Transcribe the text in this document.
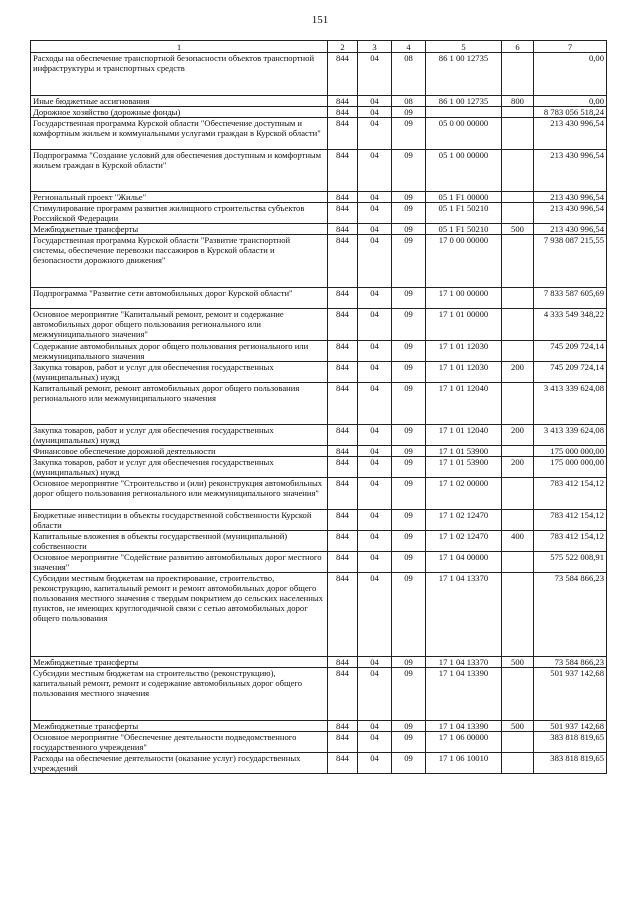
151
1	2	3	4	5	6	7
Расходы на обеспечение транспортной безопасности объектов транспортной инфраструктуры и транспортных средств	844	04	08	86 1 00 12735		0,00
Иные бюджетные ассигнования	844	04	08	86 1 00 12735	800	0,00
Дорожное хозяйство (дорожные фонды)	844	04	09			8 783 056 518,24
Государственная программа Курской области "Обеспечение доступным и комфортным жильем и коммунальными услугами граждан в Курской области"	844	04	09	05 0 00 00000		213 430 996,54
Подпрограмма "Создание условий для обеспечения доступным и комфортным жильем граждан в Курской области"	844	04	09	05 1 00 00000		213 430 996,54
Региональный проект "Жилье"	844	04	09	05 1 F1 00000		213 430 996,54
Стимулирование программ развития жилищного строительства субъектов Российской Федерации	844	04	09	05 1 F1 50210		213 430 996,54
Межбюджетные трансферты	844	04	09	05 1 F1 50210	500	213 430 996,54
Государственная программа Курской области "Развитие транспортной системы, обеспечение перевозки пассажиров в Курской области и безопасности дорожного движения"	844	04	09	17 0 00 00000		7 938 087 215,55
Подпрограмма "Развитие сети автомобильных дорог Курской области"	844	04	09	17 1 00 00000		7 833 587 605,69
Основное мероприятие "Капитальный ремонт, ремонт и содержание автомобильных дорог общего пользования регионального или межмуниципального значения"	844	04	09	17 1 01 00000		4 333 549 348,22
Содержание автомобильных дорог общего пользования регионального или межмуниципального значения	844	04	09	17 1 01 12030		745 209 724,14
Закупка товаров, работ и услуг для обеспечения государственных (муниципальных) нужд	844	04	09	17 1 01 12030	200	745 209 724,14
Капитальный ремонт, ремонт автомобильных дорог общего пользования регионального или межмуниципального значения	844	04	09	17 1 01 12040		3 413 339 624,08
Закупка товаров, работ и услуг для обеспечения государственных (муниципальных) нужд	844	04	09	17 1 01 12040	200	3 413 339 624,08
Финансовое обеспечение дорожной деятельности	844	04	09	17 1 01 53900		175 000 000,00
Закупка товаров, работ и услуг для обеспечения государственных (муниципальных) нужд	844	04	09	17 1 01 53900	200	175 000 000,00
Основное мероприятие "Строительство и (или) реконструкция автомобильных дорог общего пользования регионального или межмуниципального значения"	844	04	09	17 1 02 00000		783 412 154,12
Бюджетные инвестиции в объекты государственной собственности Курской области	844	04	09	17 1 02 12470		783 412 154,12
Капитальные вложения в объекты государственной (муниципальной) собственности	844	04	09	17 1 02 12470	400	783 412 154,12
Основное мероприятие "Содействие развитию автомобильных дорог местного значения"	844	04	09	17 1 04 00000		575 522 008,91
Субсидии местным бюджетам на проектирование, строительство, реконструкцию, капитальный ремонт и ремонт автомобильных дорог общего пользования местного значения с твердым покрытием до сельских населенных пунктов, не имеющих круглогодичной связи с сетью автомобильных дорог общего пользования	844	04	09	17 1 04 13370		73 584 866,23
Межбюджетные трансферты	844	04	09	17 1 04 13370	500	73 584 866,23
Субсидии местным бюджетам на строительство (реконструкцию), капитальный ремонт, ремонт и содержание автомобильных дорог общего пользования местного значения	844	04	09	17 1 04 13390		501 937 142,68
Межбюджетные трансферты	844	04	09	17 1 04 13390	500	501 937 142,68
Основное мероприятие "Обеспечение деятельности подведомственного государственного учреждения"	844	04	09	17 1 06 00000		383 818 819,65
Расходы на обеспечение деятельности (оказание услуг) государственных учреждений	844	04	09	17 1 06 10010		383 818 819,65
